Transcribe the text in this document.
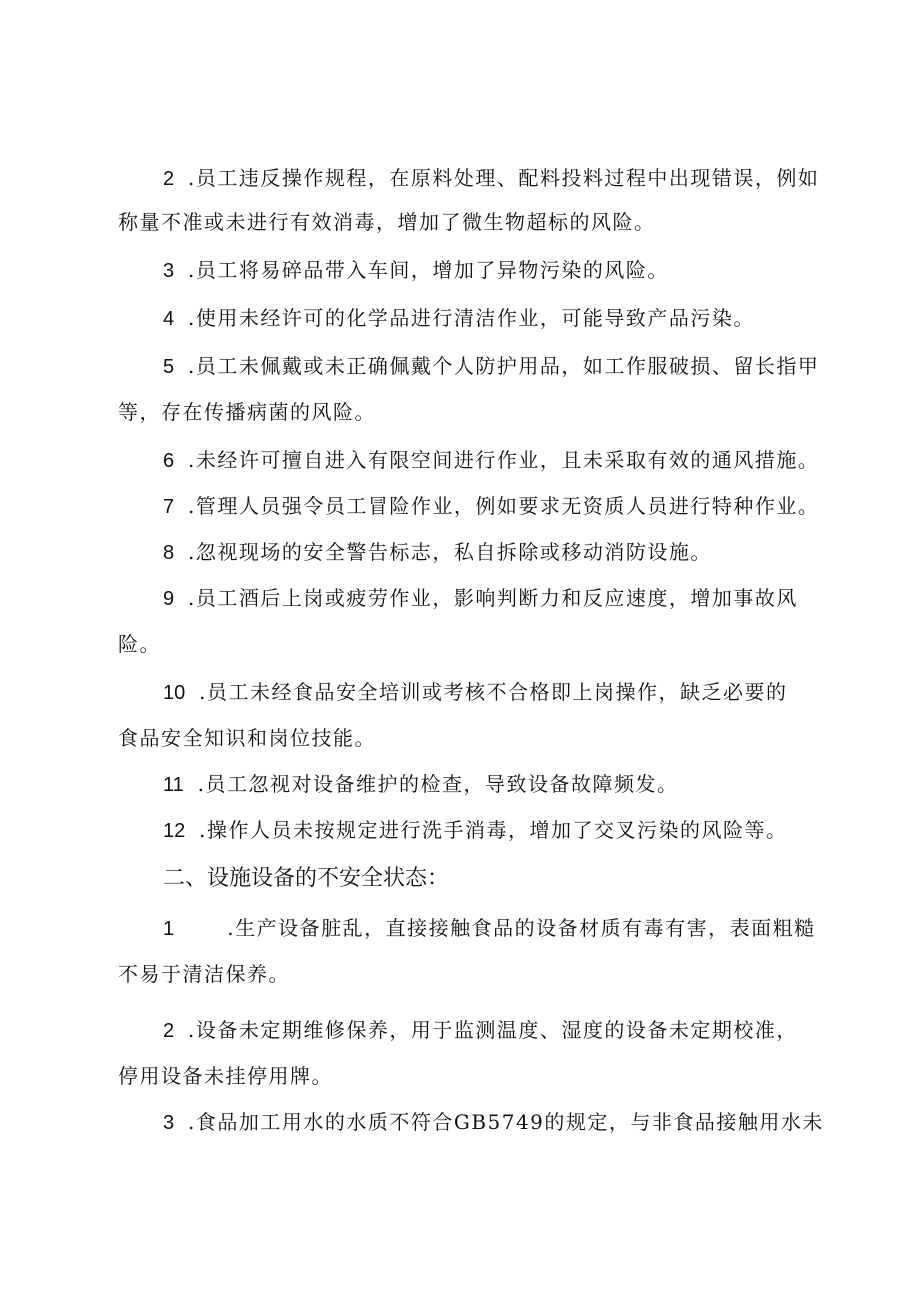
2 .员工违反操作规程，在原料处理、配料投料过程中出现错误，例如
称量不准或未进行有效消毒，增加了微生物超标的风险。
3 .员工将易碎品带入车间，增加了异物污染的风险。
4 .使用未经许可的化学品进行清洁作业，可能导致产品污染。
5 .员工未佩戴或未正确佩戴个人防护用品，如工作服破损、留长指甲
等，存在传播病菌的风险。
6 .未经许可擅自进入有限空间进行作业，且未采取有效的通风措施。
7 .管理人员强令员工冒险作业，例如要求无资质人员进行特种作业。
8 .忽视现场的安全警告标志，私自拆除或移动消防设施。
9 .员工酒后上岗或疲劳作业，影响判断力和反应速度，增加事故风
险。
10 .员工未经食品安全培训或考核不合格即上岗操作，缺乏必要的
食品安全知识和岗位技能。
11 .员工忽视对设备维护的检查，导致设备故障频发。
12 .操作人员未按规定进行洗手消毒，增加了交叉污染的风险等。
二、设施设备的不安全状态：
1      .生产设备脏乱，直接接触食品的设备材质有毒有害，表面粗糙
不易于清洁保养。
2 .设备未定期维修保养，用于监测温度、湿度的设备未定期校准，
停用设备未挂停用牌。
3 .食品加工用水的水质不符合GB5749的规定，与非食品接触用水未
